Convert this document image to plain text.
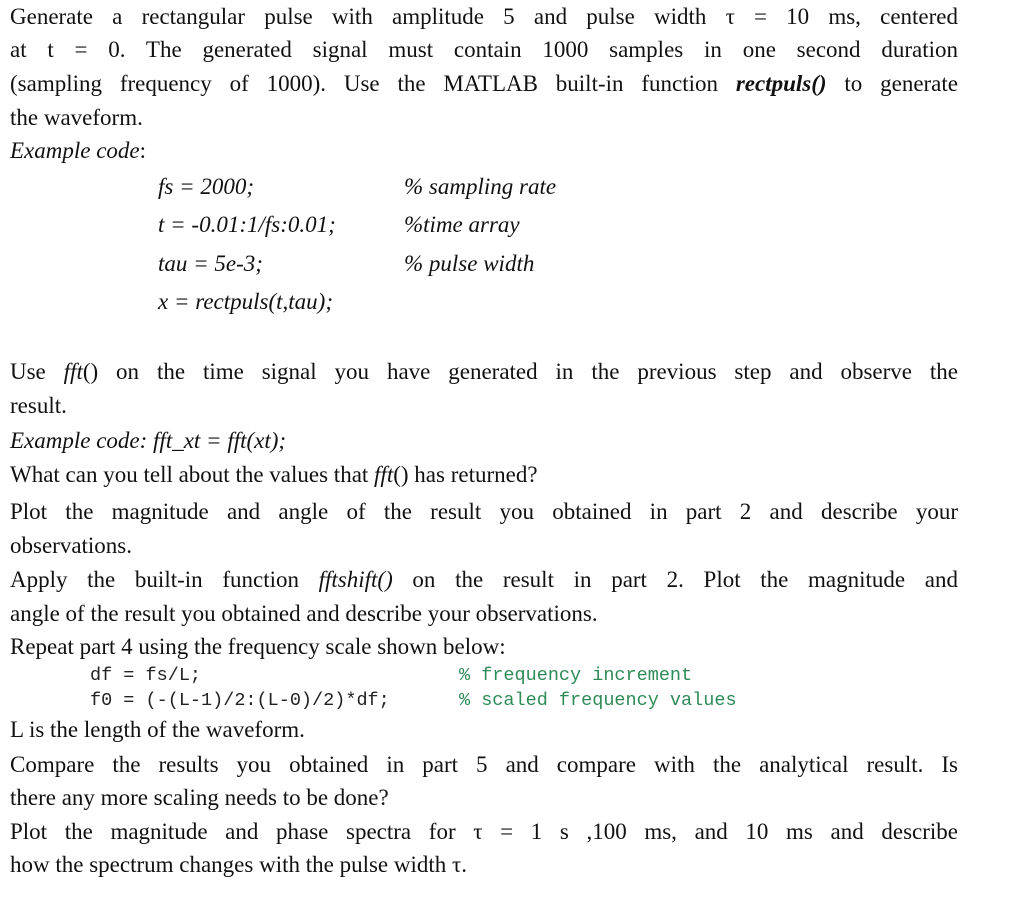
Generate a rectangular pulse with amplitude 5 and pulse width τ = 10 ms, centered
at t = 0. The generated signal must contain 1000 samples in one second duration
(sampling frequency of 1000). Use the MATLAB built-in function rectpuls() to generate
the waveform.
Example code:
fs = 2000;	% sampling rate
t = -0.01:1/fs:0.01;	%time array
tau = 5e-3;	% pulse width
x = rectpuls(t,tau);
Use fft() on the time signal you have generated in the previous step and observe the
result.
Example code: fft_xt = fft(xt);
What can you tell about the values that fft() has returned?
Plot the magnitude and angle of the result you obtained in part 2 and describe your
observations.
Apply the built-in function fftshift() on the result in part 2. Plot the magnitude and
angle of the result you obtained and describe your observations.
Repeat part 4 using the frequency scale shown below:
df = fs/L;	% frequency increment
f0 = (-(L-1)/2:(L-0)/2)*df;	% scaled frequency values
L is the length of the waveform.
Compare the results you obtained in part 5 and compare with the analytical result. Is
there any more scaling needs to be done?
Plot the magnitude and phase spectra for τ = 1 s ,100 ms, and 10 ms and describe
how the spectrum changes with the pulse width τ.
